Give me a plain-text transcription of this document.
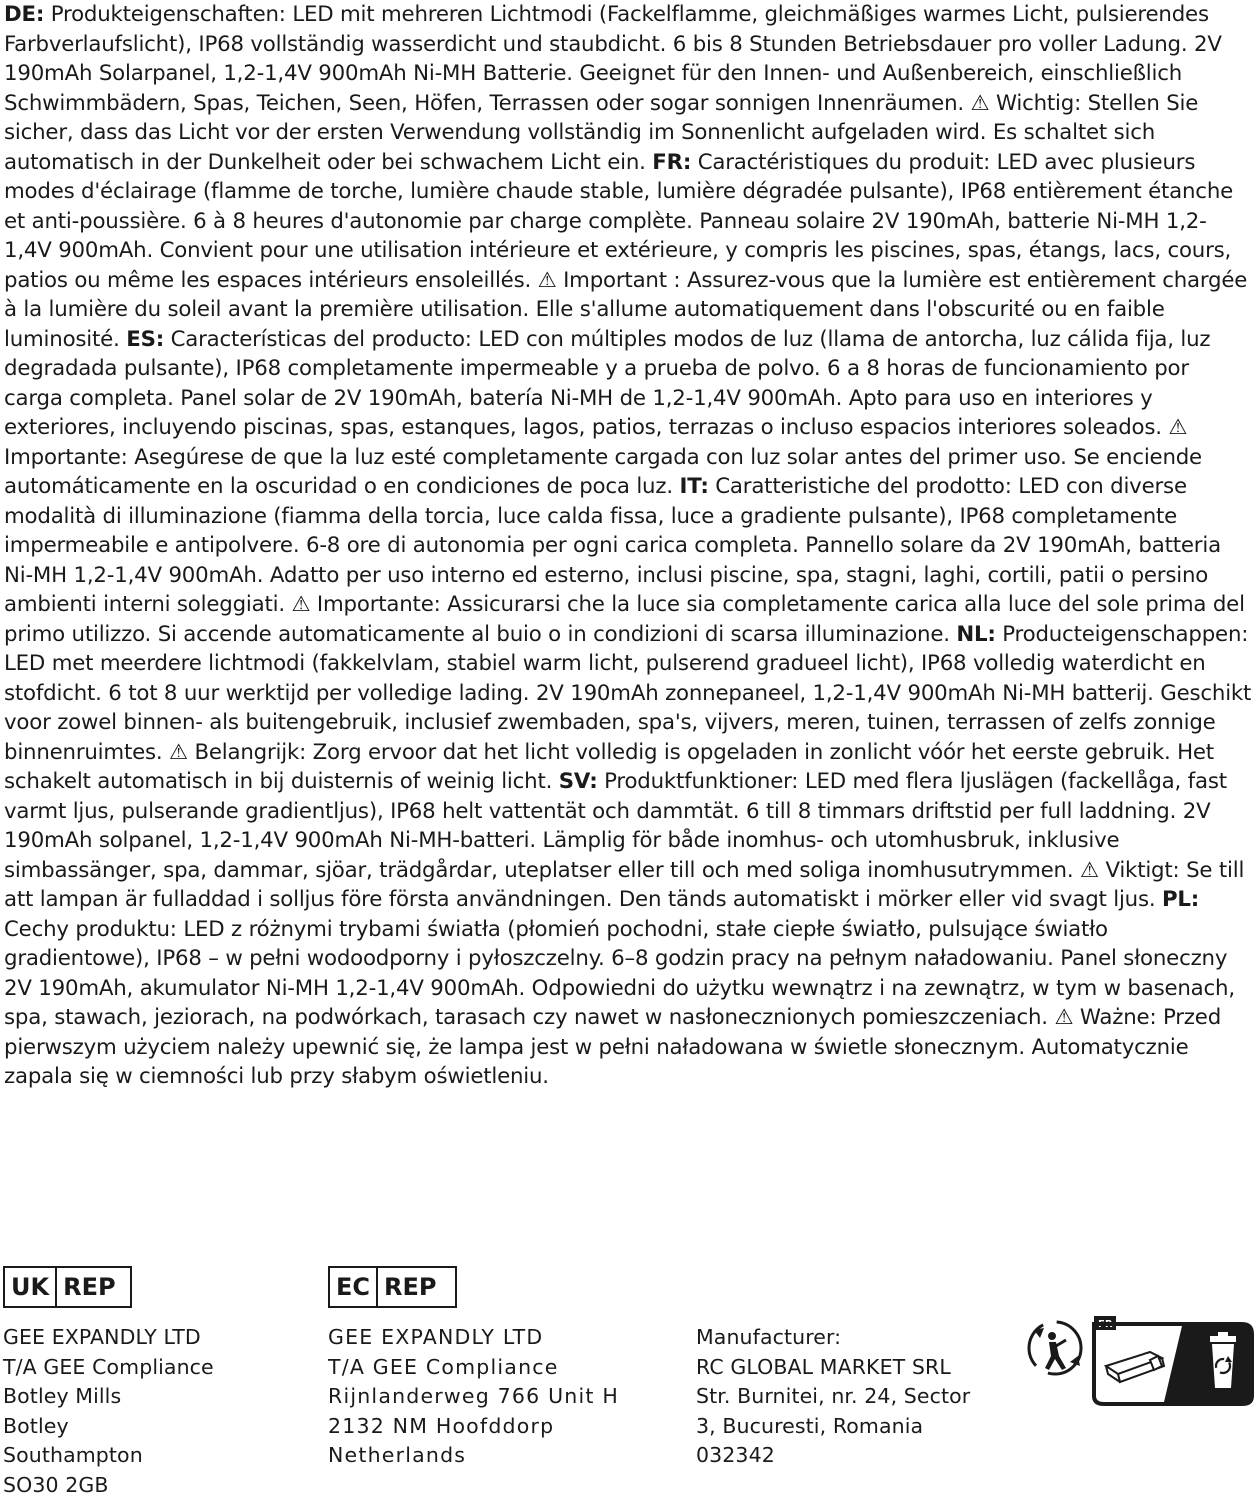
DE: Produkteigenschaften: LED mit mehreren Lichtmodi (Fackelflamme, gleichmäßiges warmes Licht, pulsierendes Farbverlaufslicht), IP68 vollständig wasserdicht und staubdicht. 6 bis 8 Stunden Betriebsdauer pro voller Ladung. 2V 190mAh Solarpanel, 1,2-1,4V 900mAh Ni-MH Batterie. Geeignet für den Innen- und Außenbereich, einschließlich Schwimmbädern, Spas, Teichen, Seen, Höfen, Terrassen oder sogar sonnigen Innenräumen. ⚠ Wichtig: Stellen Sie sicher, dass das Licht vor der ersten Verwendung vollständig im Sonnenlicht aufgeladen wird. Es schaltet sich automatisch in der Dunkelheit oder bei schwachem Licht ein. FR: Caractéristiques du produit: LED avec plusieurs modes d'éclairage (flamme de torche, lumière chaude stable, lumière dégradée pulsante), IP68 entièrement étanche et anti-poussière. 6 à 8 heures d'autonomie par charge complète. Panneau solaire 2V 190mAh, batterie Ni-MH 1,2-1,4V 900mAh. Convient pour une utilisation intérieure et extérieure, y compris les piscines, spas, étangs, lacs, cours, patios ou même les espaces intérieurs ensoleillés. ⚠ Important : Assurez-vous que la lumière est entièrement chargée à la lumière du soleil avant la première utilisation. Elle s'allume automatiquement dans l'obscurité ou en faible luminosité. ES: Características del producto: LED con múltiples modos de luz (llama de antorcha, luz cálida fija, luz degradada pulsante), IP68 completamente impermeable y a prueba de polvo. 6 a 8 horas de funcionamiento por carga completa. Panel solar de 2V 190mAh, batería Ni-MH de 1,2-1,4V 900mAh. Apto para uso en interiores y exteriores, incluyendo piscinas, spas, estanques, lagos, patios, terrazas o incluso espacios interiores soleados. ⚠ Importante: Asegúrese de que la luz esté completamente cargada con luz solar antes del primer uso. Se enciende automáticamente en la oscuridad o en condiciones de poca luz. IT: Caratteristiche del prodotto: LED con diverse modalità di illuminazione (fiamma della torcia, luce calda fissa, luce a gradiente pulsante), IP68 completamente impermeabile e antipolvere. 6-8 ore di autonomia per ogni carica completa. Pannello solare da 2V 190mAh, batteria Ni-MH 1,2-1,4V 900mAh. Adatto per uso interno ed esterno, inclusi piscine, spa, stagni, laghi, cortili, patii o persino ambienti interni soleggiati. ⚠ Importante: Assicurarsi che la luce sia completamente carica alla luce del sole prima del primo utilizzo. Si accende automaticamente al buio o in condizioni di scarsa illuminazione. NL: Producteigenschappen: LED met meerdere lichtmodi (fakkelvlam, stabiel warm licht, pulserend gradueel licht), IP68 volledig waterdicht en stofdicht. 6 tot 8 uur werktijd per volledige lading. 2V 190mAh zonnepaneel, 1,2-1,4V 900mAh Ni-MH batterij. Geschikt voor zowel binnen- als buitengebruik, inclusief zwembaden, spa's, vijvers, meren, tuinen, terrassen of zelfs zonnige binnenruimtes. ⚠ Belangrijk: Zorg ervoor dat het licht volledig is opgeladen in zonlicht vóór het eerste gebruik. Het schakelt automatisch in bij duisternis of weinig licht. SV: Produktfunktioner: LED med flera ljuslägen (fackellåga, fast varmt ljus, pulserande gradientljus), IP68 helt vattentät och dammtät. 6 till 8 timmars driftstid per full laddning. 2V 190mAh solpanel, 1,2-1,4V 900mAh Ni-MH-batteri. Lämplig för både inomhus- och utomhusbruk, inklusive simbassänger, spa, dammar, sjöar, trädgårdar, uteplatser eller till och med soliga inomhusutrymmen. ⚠ Viktigt: Se till att lampan är fulladdad i solljus före första användningen. Den tänds automatiskt i mörker eller vid svagt ljus. PL: Cechy produktu: LED z różnymi trybami światła (płomień pochodni, stałe ciepłe światło, pulsujące światło gradientowe), IP68 – w pełni wodoodporny i pyłoszczelny. 6–8 godzin pracy na pełnym naładowaniu. Panel słoneczny 2V 190mAh, akumulator Ni-MH 1,2-1,4V 900mAh. Odpowiedni do użytku wewnątrz i na zewnątrz, w tym w basenach, spa, stawach, jeziorach, na podwórkach, tarasach czy nawet w nasłonecznionych pomieszczeniach. ⚠ Ważne: Przed pierwszym użyciem należy upewnić się, że lampa jest w pełni naładowana w świetle słonecznym. Automatycznie zapala się w ciemności lub przy słabym oświetleniu.

UK REP
GEE EXPANDLY LTD
T/A GEE Compliance
Botley Mills
Botley
Southampton
SO30 2GB
EC REP
GEE EXPANDLY LTD
T/A GEE Compliance
Rijnlanderweg 766 Unit H
2132 NM Hoofddorp
Netherlands
Manufacturer:
RC GLOBAL MARKET SRL
Str. Burnitei, nr. 24, Sector
3, Bucuresti, Romania
032342
FR
